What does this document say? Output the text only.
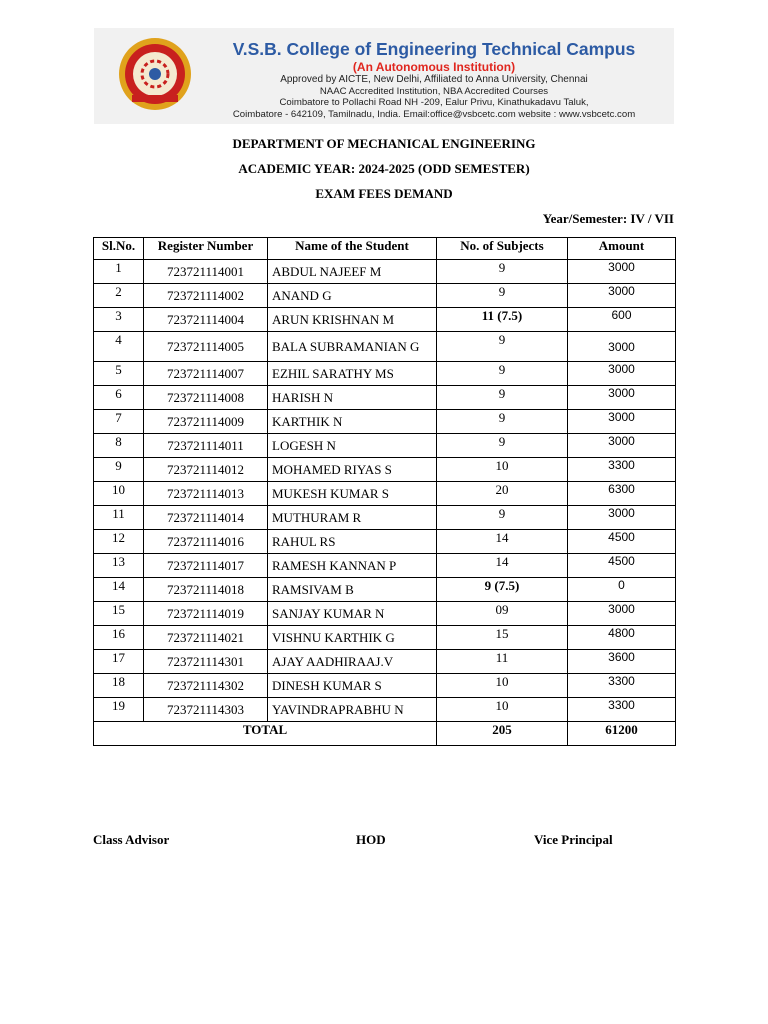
V.S.B. College of Engineering Technical Campus
(An Autonomous Institution)
Approved by AICTE, New Delhi, Affiliated to Anna University, Chennai
NAAC Accredited Institution, NBA Accredited Courses
Coimbatore to Pollachi Road NH -209, Ealur Privu, Kinathukadavu Taluk,
Coimbatore - 642109, Tamilnadu, India. Email:office@vsbcetc.com website : www.vsbcetc.com
DEPARTMENT OF MECHANICAL ENGINEERING
ACADEMIC YEAR: 2024-2025 (ODD SEMESTER)
EXAM FEES DEMAND
Year/Semester: IV / VII
Sl.No.	Register Number	Name of the Student	No. of Subjects	Amount
1	723721114001	ABDUL NAJEEF M	9	3000
2	723721114002	ANAND G	9	3000
3	723721114004	ARUN KRISHNAN M	11 (7.5)	600
4	723721114005	BALA SUBRAMANIAN G	9	3000
5	723721114007	EZHIL SARATHY MS	9	3000
6	723721114008	HARISH N	9	3000
7	723721114009	KARTHIK N	9	3000
8	723721114011	LOGESH N	9	3000
9	723721114012	MOHAMED RIYAS S	10	3300
10	723721114013	MUKESH KUMAR S	20	6300
11	723721114014	MUTHURAM R	9	3000
12	723721114016	RAHUL RS	14	4500
13	723721114017	RAMESH KANNAN P	14	4500
14	723721114018	RAMSIVAM B	9 (7.5)	0
15	723721114019	SANJAY KUMAR N	09	3000
16	723721114021	VISHNU KARTHIK G	15	4800
17	723721114301	AJAY AADHIRAAJ.V	11	3600
18	723721114302	DINESH KUMAR S	10	3300
19	723721114303	YAVINDRAPRABHU N	10	3300
TOTAL			205	61200
Class Advisor	HOD	Vice Principal
